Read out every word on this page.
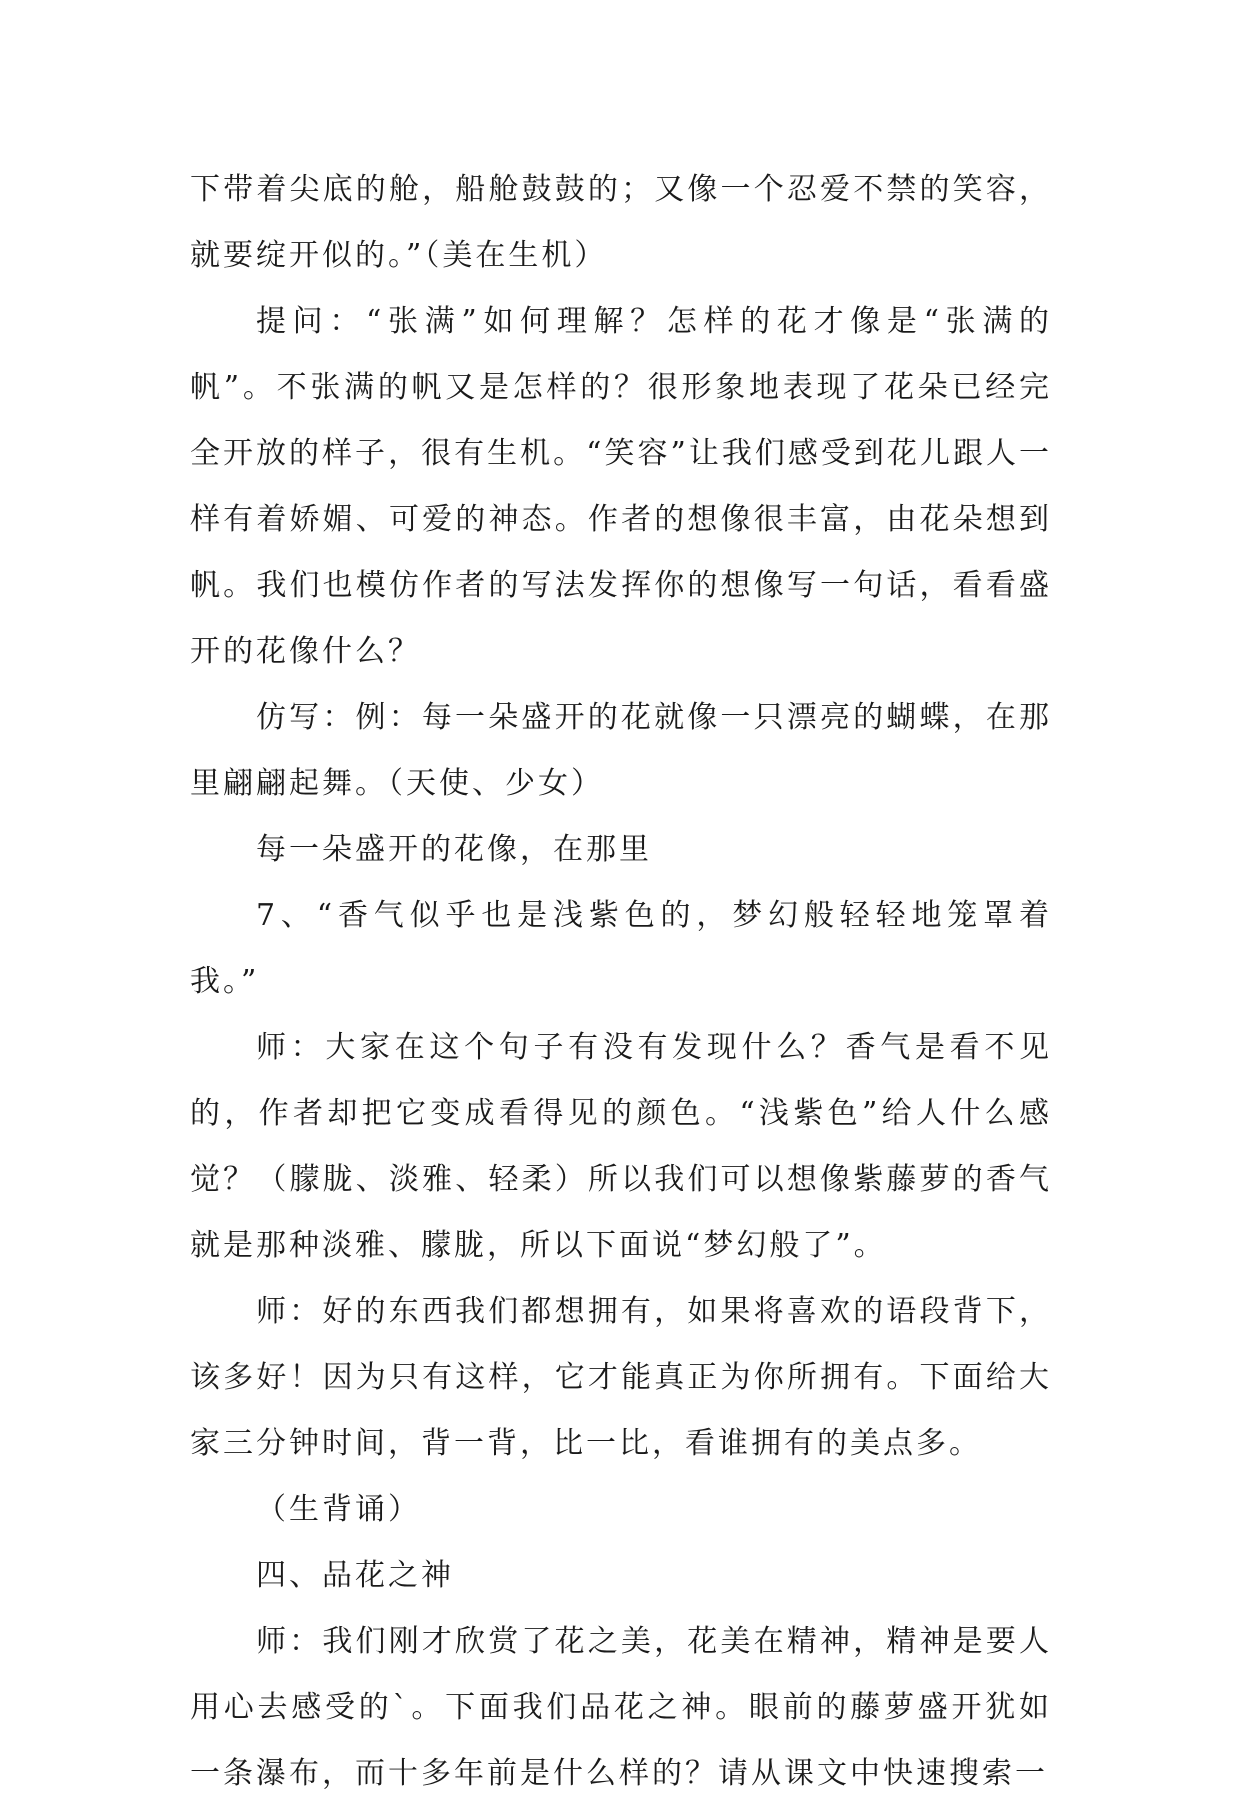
下带着尖底的舱，船舱鼓鼓的；又像一个忍爱不禁的笑容，就要绽开似的。”（美在生机）

提问：“张满”如何理解？怎样的花才像是“张满的帆”。不张满的帆又是怎样的？很形象地表现了花朵已经完全开放的样子，很有生机。“笑容”让我们感受到花儿跟人一样有着娇媚、可爱的神态。作者的想像很丰富，由花朵想到帆。我们也模仿作者的写法发挥你的想像写一句话，看看盛开的花像什么？

仿写：例：每一朵盛开的花就像一只漂亮的蝴蝶，在那里翩翩起舞。（天使、少女）

每一朵盛开的花像，在那里

7、“香气似乎也是浅紫色的，梦幻般轻轻地笼罩着我。”

师：大家在这个句子有没有发现什么？香气是看不见的，作者却把它变成看得见的颜色。“浅紫色”给人什么感觉？（朦胧、淡雅、轻柔）所以我们可以想像紫藤萝的香气就是那种淡雅、朦胧，所以下面说“梦幻般了”。

师：好的东西我们都想拥有，如果将喜欢的语段背下，该多好！因为只有这样，它才能真正为你所拥有。下面给大家三分钟时间，背一背，比一比，看谁拥有的美点多。

（生背诵）

四、品花之神

师：我们刚才欣赏了花之美，花美在精神，精神是要人用心去感受的`。下面我们品花之神。眼前的藤萝盛开犹如一条瀑布，而十多年前是什么样的？请从课文中快速搜索一
